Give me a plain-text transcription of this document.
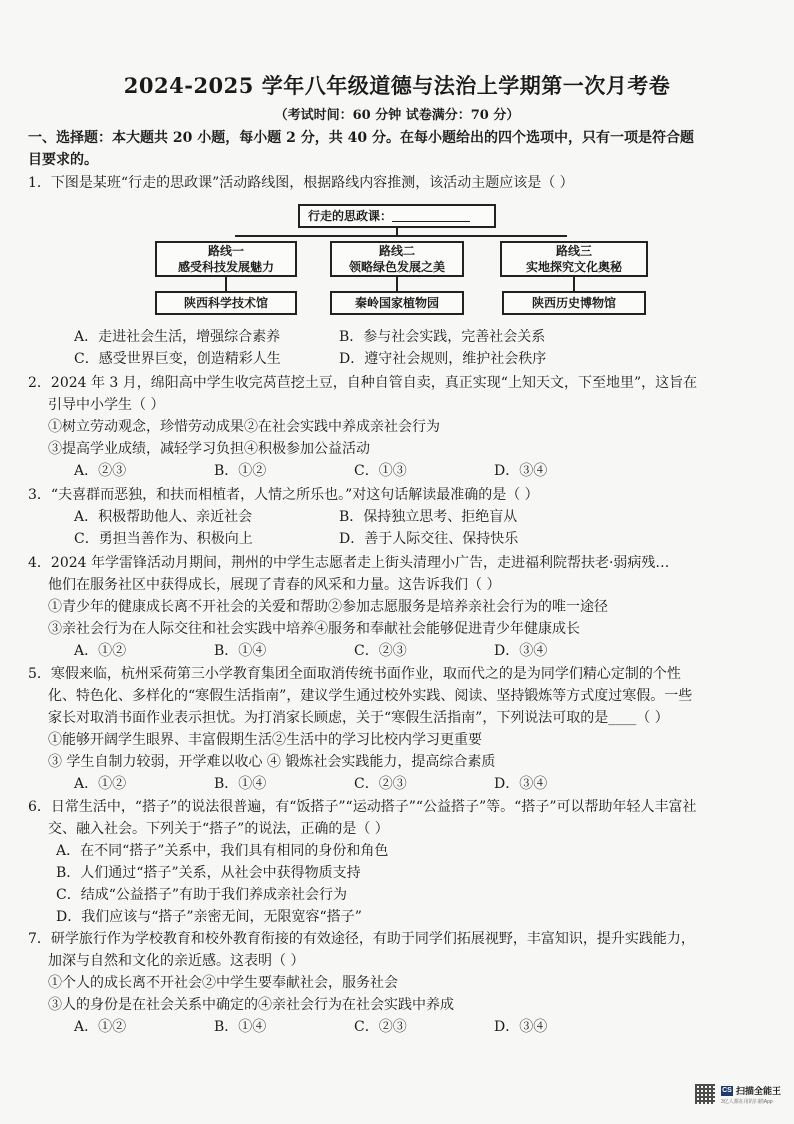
2024-2025 学年八年级道德与法治上学期第一次月考卷
（考试时间：60 分钟 试卷满分：70 分）
一、选择题：本大题共 20 小题，每小题 2 分，共 40 分。在每小题给出的四个选项中，只有一项是符合题
目要求的。
1．下图是某班“行走的思政课”活动路线图，根据路线内容推测，该活动主题应该是（ ）
行走的思政课：
路线一
感受科技发展魅力
路线二
领略绿色发展之美
路线三
实地探究文化奥秘
陕西科学技术馆	秦岭国家植物园	陕西历史博物馆
A．走进社会生活，增强综合素养	B．参与社会实践，完善社会关系
C．感受世界巨变，创造精彩人生	D．遵守社会规则，维护社会秩序
2．2024 年 3 月，绵阳高中学生收完莴苣挖土豆，自种自管自卖，真正实现“上知天文，下至地里”，这旨在
引导中小学生（ ）
①树立劳动观念，珍惜劳动成果②在社会实践中养成亲社会行为
③提高学业成绩，减轻学习负担④积极参加公益活动
A．②③	B．①②	C．①③	D．③④
3．“夫喜群而恶独，和扶而相植者，人情之所乐也。”对这句话解读最准确的是（ ）
A．积极帮助他人、亲近社会	B．保持独立思考、拒绝盲从
C．勇担当善作为、积极向上	D．善于人际交往、保持快乐
4．2024 年学雷锋活动月期间，荆州的中学生志愿者走上街头清理小广告，走进福利院帮扶老·弱病残…
他们在服务社区中获得成长，展现了青春的风采和力量。这告诉我们（ ）
①青少年的健康成长离不开社会的关爱和帮助②参加志愿服务是培养亲社会行为的唯一途径
③亲社会行为在人际交往和社会实践中培养④服务和奉献社会能够促进青少年健康成长
A．①②	B．①④	C．②③	D．③④
5．寒假来临，杭州采荷第三小学教育集团全面取消传统书面作业，取而代之的是为同学们精心定制的个性
化、特色化、多样化的“寒假生活指南”，建议学生通过校外实践、阅读、坚持锻炼等方式度过寒假。一些
家长对取消书面作业表示担忧。为打消家长顾虑，关于“寒假生活指南”，下列说法可取的是____（ ）
①能够开阔学生眼界、丰富假期生活②生活中的学习比校内学习更重要
③ 学生自制力较弱，开学难以收心 ④ 锻炼社会实践能力，提高综合素质
A．①②	B．①④	C．②③	D．③④
6．日常生活中，“搭子”的说法很普遍，有“饭搭子”“运动搭子”“公益搭子”等。“搭子”可以帮助年轻人丰富社
交、融入社会。下列关于“搭子”的说法，正确的是（ ）
A．在不同“搭子”关系中，我们具有相同的身份和角色
B．人们通过“搭子”关系，从社会中获得物质支持
C．结成“公益搭子”有助于我们养成亲社会行为
D．我们应该与“搭子”亲密无间，无限宽容“搭子”
7．研学旅行作为学校教育和校外教育衔接的有效途径，有助于同学们拓展视野，丰富知识，提升实践能力，
加深与自然和文化的亲近感。这表明（ ）
①个人的成长离不开社会②中学生要奉献社会，服务社会
③人的身份是在社会关系中确定的④亲社会行为在社会实践中养成
A．①②	B．①④	C．②③	D．③④
CS 扫描全能王
3亿人都在用的扫描App
